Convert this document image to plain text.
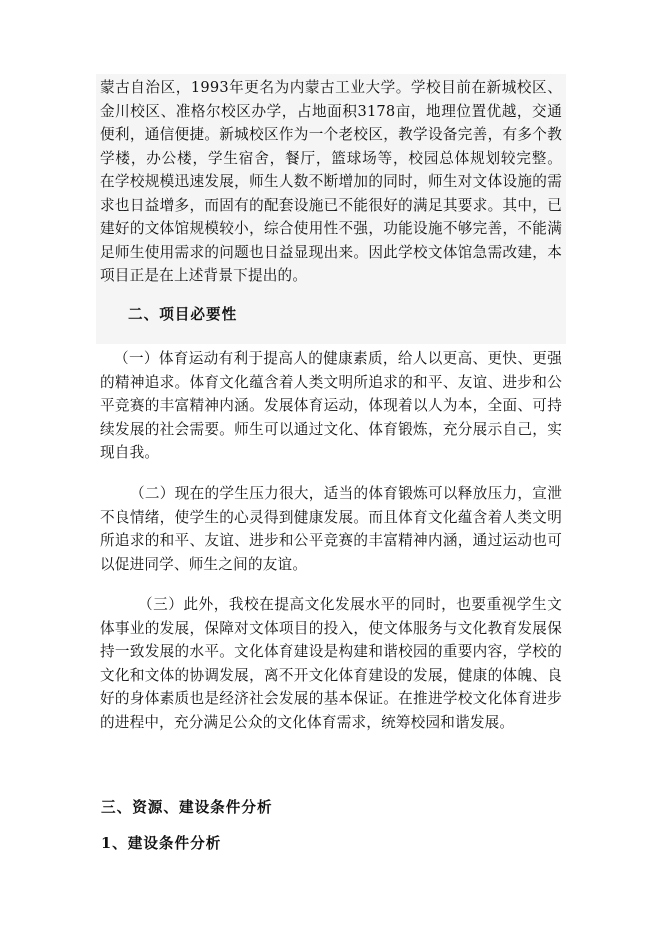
蒙古自治区，1993年更名为内蒙古工业大学。学校目前在新城校区、金川校区、准格尔校区办学，占地面积3178亩，地理位置优越，交通便利，通信便捷。新城校区作为一个老校区，教学设备完善，有多个教学楼，办公楼，学生宿舍，餐厅，篮球场等，校园总体规划较完整。 在学校规模迅速发展，师生人数不断增加的同时，师生对文体设施的需求也日益增多，而固有的配套设施已不能很好的满足其要求。其中，已建好的文体馆规模较小，综合使用性不强，功能设施不够完善，不能满足师生使用需求的问题也日益显现出来。因此学校文体馆急需改建，本项目正是在上述背景下提出的。

二、项目必要性

（一）体育运动有利于提高人的健康素质，给人以更高、更快、更强的精神追求。体育文化蕴含着人类文明所追求的和平、友谊、进步和公平竞赛的丰富精神内涵。发展体育运动，体现着以人为本，全面、可持续发展的社会需要。师生可以通过文化、体育锻炼，充分展示自己，实现自我。

（二）现在的学生压力很大，适当的体育锻炼可以释放压力，宣泄不良情绪，使学生的心灵得到健康发展。而且体育文化蕴含着人类文明所追求的和平、友谊、进步和公平竞赛的丰富精神内涵，通过运动也可以促进同学、师生之间的友谊。

（三）此外，我校在提高文化发展水平的同时，也要重视学生文体事业的发展，保障对文体项目的投入，使文体服务与文化教育发展保持一致发展的水平。文化体育建设是构建和谐校园的重要内容，学校的文化和文体的协调发展，离不开文化体育建设的发展，健康的体魄、良好的身体素质也是经济社会发展的基本保证。在推进学校文化体育进步的进程中，充分满足公众的文化体育需求，统筹校园和谐发展。

三、资源、建设条件分析
1、建设条件分析
